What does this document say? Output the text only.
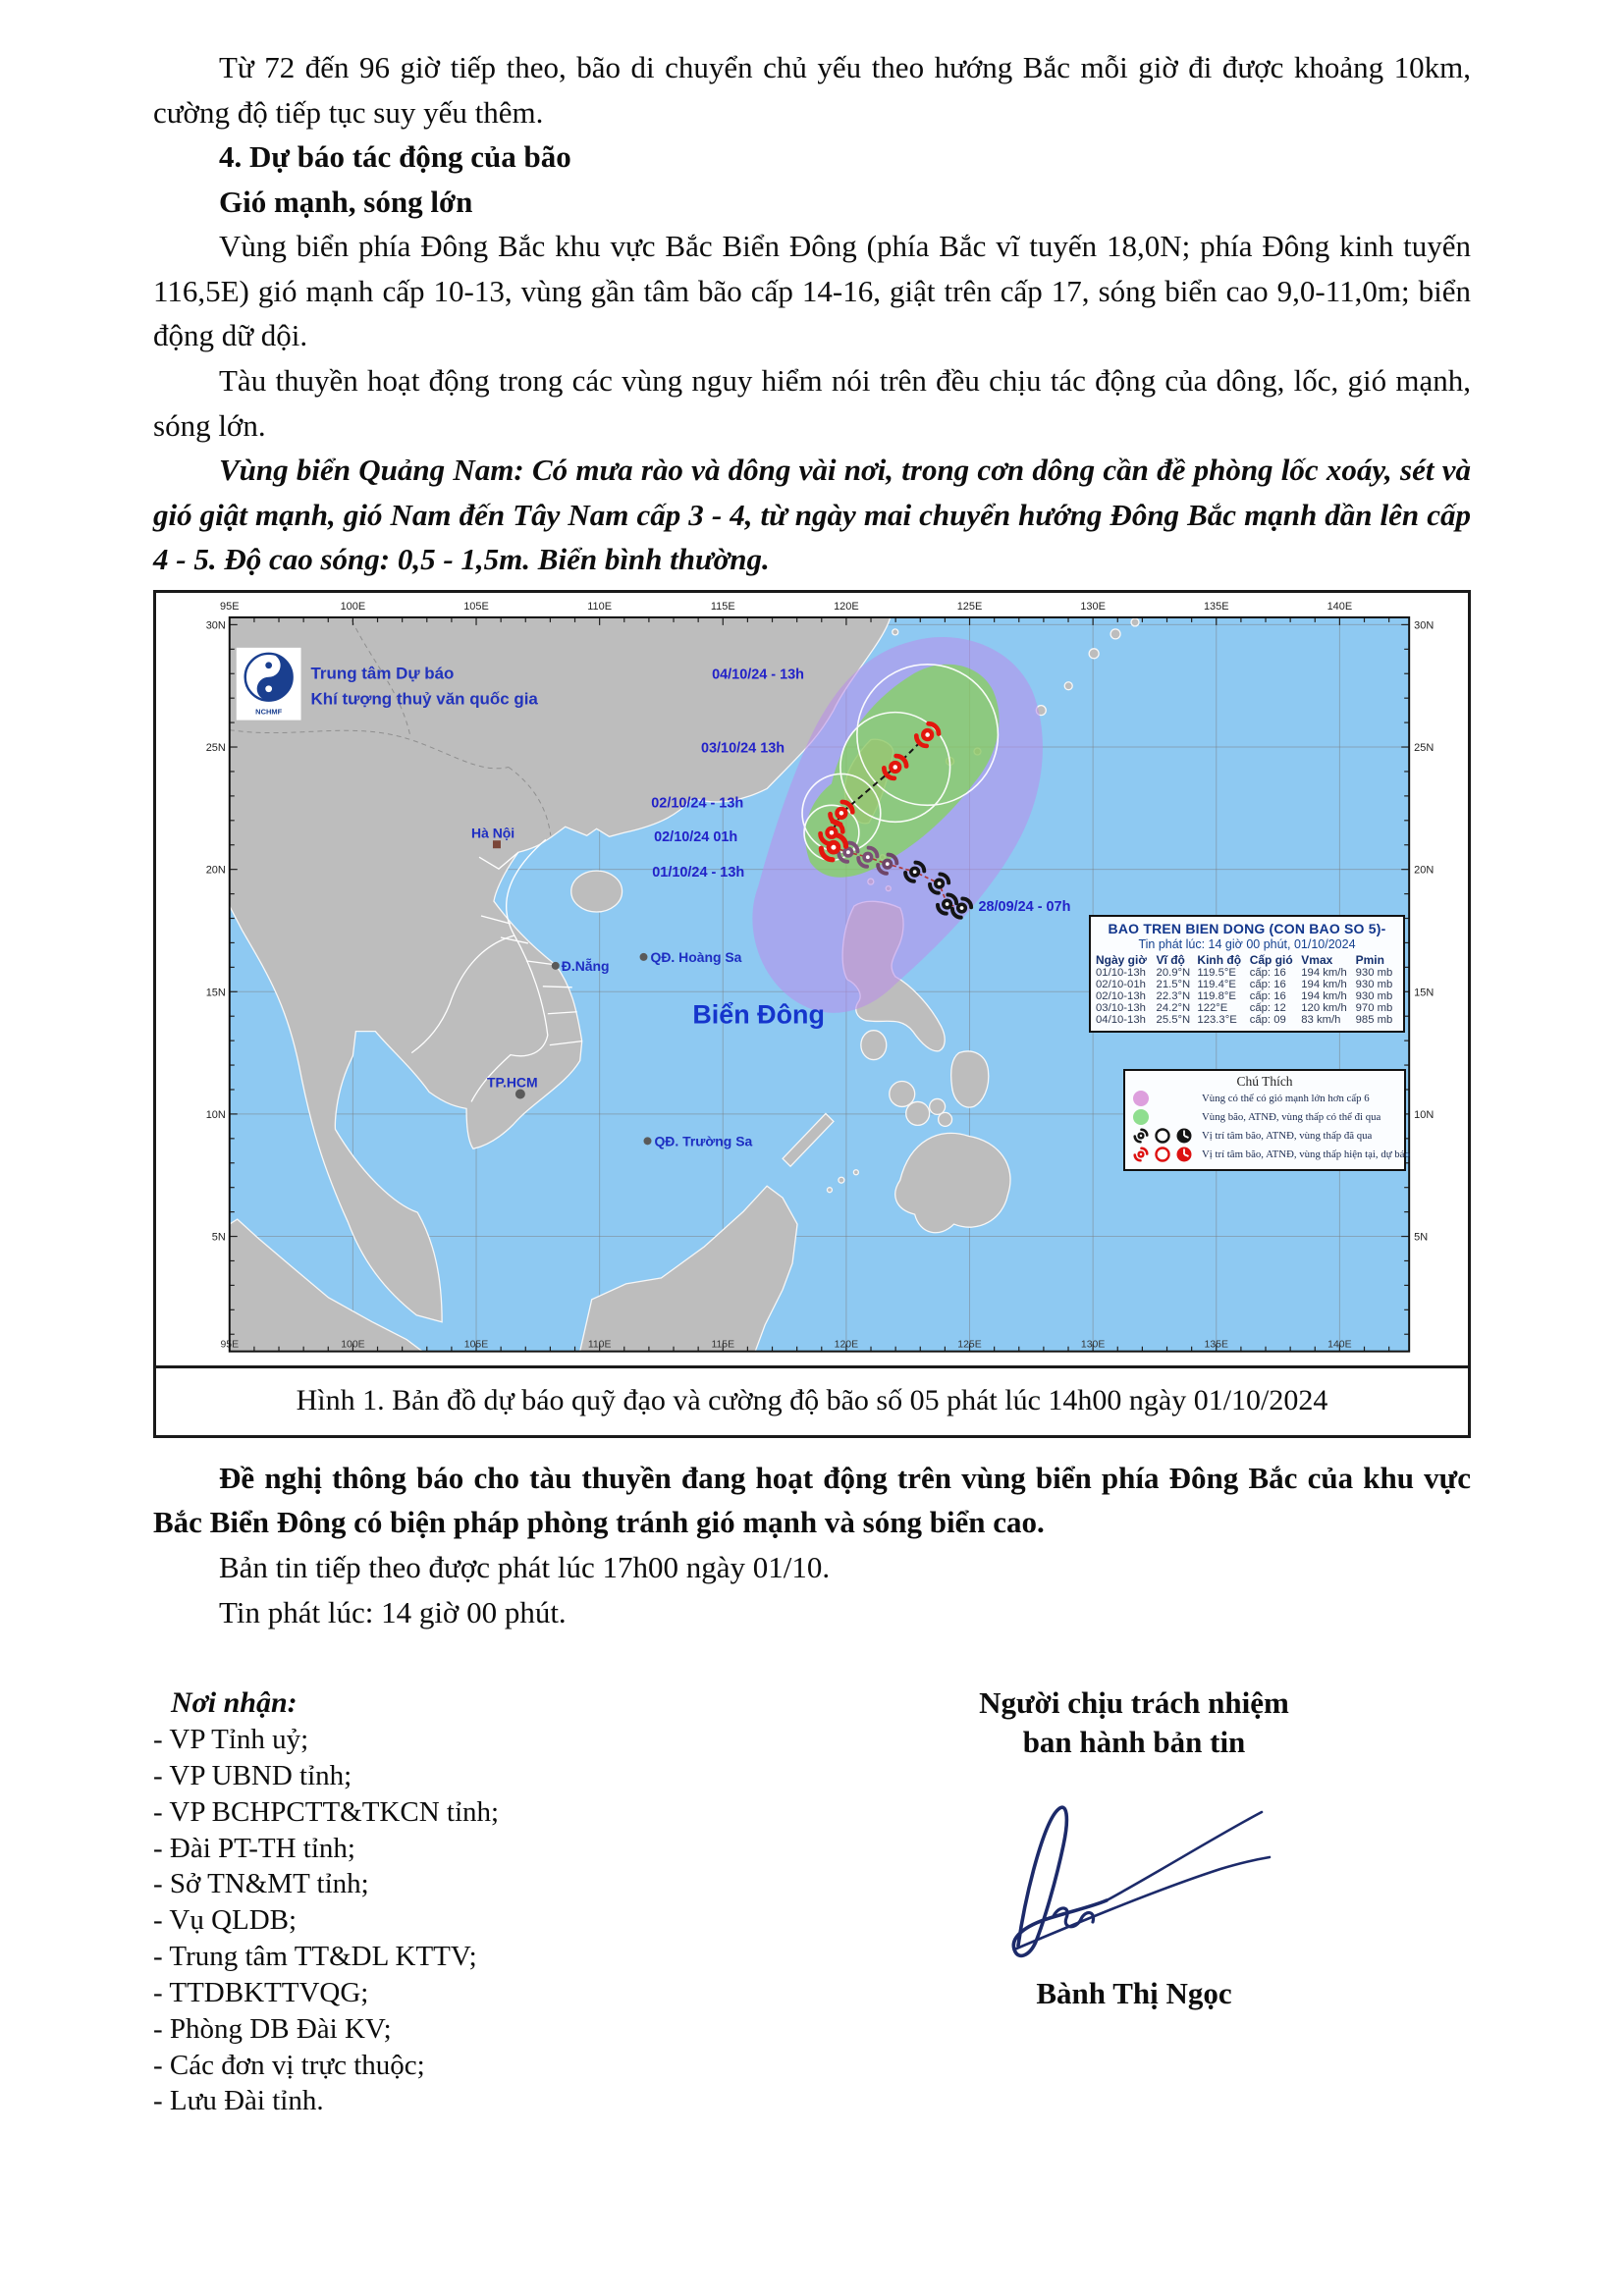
Từ 72 đến 96 giờ tiếp theo, bão di chuyển chủ yếu theo hướng Bắc mỗi giờ đi được khoảng 10km, cường độ tiếp tục suy yếu thêm.

4. Dự báo tác động của bão

Gió mạnh, sóng lớn

Vùng biển phía Đông Bắc khu vực Bắc Biển Đông (phía Bắc vĩ tuyến 18,0N; phía Đông kinh tuyến 116,5E) gió mạnh cấp 10-13, vùng gần tâm bão cấp 14-16, giật trên cấp 17, sóng biển cao 9,0-11,0m; biển động dữ dội.

Tàu thuyền hoạt động trong các vùng nguy hiểm nói trên đều chịu tác động của dông, lốc, gió mạnh, sóng lớn.

Vùng biển Quảng Nam: Có mưa rào và dông vài nơi, trong cơn dông cần đề phòng lốc xoáy, sét và gió giật mạnh, gió Nam đến Tây Nam cấp 3 - 4, từ ngày mai chuyển hướng Đông Bắc mạnh dần lên cấp 4 - 5. Độ cao sóng: 0,5 - 1,5m. Biển bình thường.

04/10/24 - 13h
03/10/24 13h
02/10/24 - 13h
02/10/24 01h
01/10/24 - 13h
28/09/24 - 07h
Hà Nội
Đ.Nẵng
QĐ. Hoàng Sa
TP.HCM
QĐ. Trường Sa
Biển Đông
NCHMF
Trung tâm Dự báo
Khí tượng thuỷ văn quốc gia
95E
95E
100E
100E
105E
105E
110E
110E
115E
115E
120E
120E
125E
125E
130E
130E
135E
135E
140E
140E
30N	30N
25N	25N
20N	20N
15N	15N
10N	10N
5N	5N
BAO TREN BIEN DONG (CON BAO SO 5)-
Tin phát lúc: 14 giờ 00 phút, 01/10/2024
Ngày giờ	Vĩ độ	Kinh độ	Cấp gió	Vmax	Pmin
01/10-13h	20.9°N	119.5°E	cấp: 16	194 km/h	930 mb
02/10-01h	21.5°N	119.4°E	cấp: 16	194 km/h	930 mb
02/10-13h	22.3°N	119.8°E	cấp: 16	194 km/h	930 mb
03/10-13h	24.2°N	122°E	cấp: 12	120 km/h	970 mb
04/10-13h	25.5°N	123.3°E	cấp: 09	83 km/h	985 mb
Chú Thích
Vùng có thể có gió mạnh lớn hơn cấp 6
Vùng bão, ATNĐ, vùng thấp có thể đi qua
Vị trí tâm bão, ATNĐ, vùng thấp đã qua
Vị trí tâm bão, ATNĐ, vùng thấp hiện tại, dự báo
Hình 1. Bản đồ dự báo quỹ đạo và cường độ bão số 05 phát lúc 14h00 ngày 01/10/2024

Đề nghị thông báo cho tàu thuyền đang hoạt động trên vùng biển phía Đông Bắc của khu vực Bắc Biển Đông có biện pháp phòng tránh gió mạnh và sóng biển cao.

Bản tin tiếp theo được phát lúc 17h00 ngày 01/10.

Tin phát lúc: 14 giờ 00 phút.

Nơi nhận:
- VP Tỉnh uỷ;
- VP UBND tỉnh;
- VP BCHPCTT&TKCN tỉnh;
- Đài PT-TH tỉnh;
- Sở TN&MT tỉnh;
- Vụ QLDB;
- Trung tâm TT&DL KTTV;
- TTDBKTTVQG;
- Phòng DB Đài KV;
- Các đơn vị trực thuộc;
- Lưu Đài tỉnh.
Người chịu trách nhiệm
ban hành bản tin
Bành Thị Ngọc
